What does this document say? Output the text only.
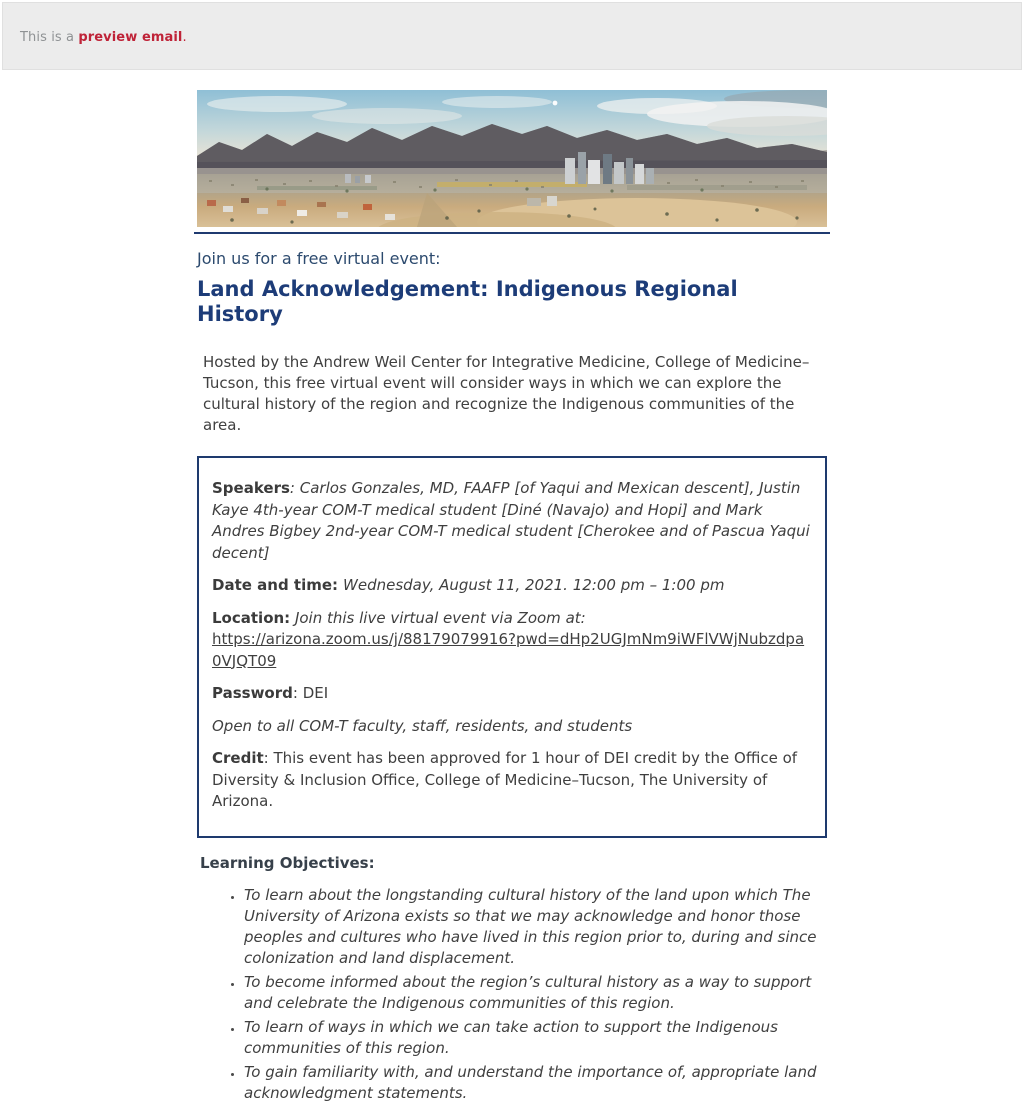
This is a preview email.

Join us for a free virtual event:

Land Acknowledgement: Indigenous Regional History

Hosted by the Andrew Weil Center for Integrative Medicine, College of Medicine–Tucson, this free virtual event will consider ways in which we can explore the cultural history of the region and recognize the Indigenous communities of the area.

Speakers: Carlos Gonzales, MD, FAAFP [of Yaqui and Mexican descent], Justin Kaye 4th-year COM-T medical student [Diné (Navajo) and Hopi] and Mark Andres Bigbey 2nd-year COM-T medical student [Cherokee and of Pascua Yaqui decent]

Date and time: Wednesday, August 11, 2021. 12:00 pm – 1:00 pm

Location: Join this live virtual event via Zoom at:
https://arizona.zoom.us/j/88179079916?pwd=dHp2UGJmNm9iWFlVWjNubzdpa0VJQT09

Password: DEI

Open to all COM-T faculty, staff, residents, and students

Credit: This event has been approved for 1 hour of DEI credit by the Office of Diversity & Inclusion Office, College of Medicine–Tucson, The University of Arizona.

Learning Objectives:

• To learn about the longstanding cultural history of the land upon which The University of Arizona exists so that we may acknowledge and honor those peoples and cultures who have lived in this region prior to, during and since colonization and land displacement.
• To become informed about the region’s cultural history as a way to support and celebrate the Indigenous communities of this region.
• To learn of ways in which we can take action to support the Indigenous communities of this region.
• To gain familiarity with, and understand the importance of, appropriate land acknowledgment statements.
